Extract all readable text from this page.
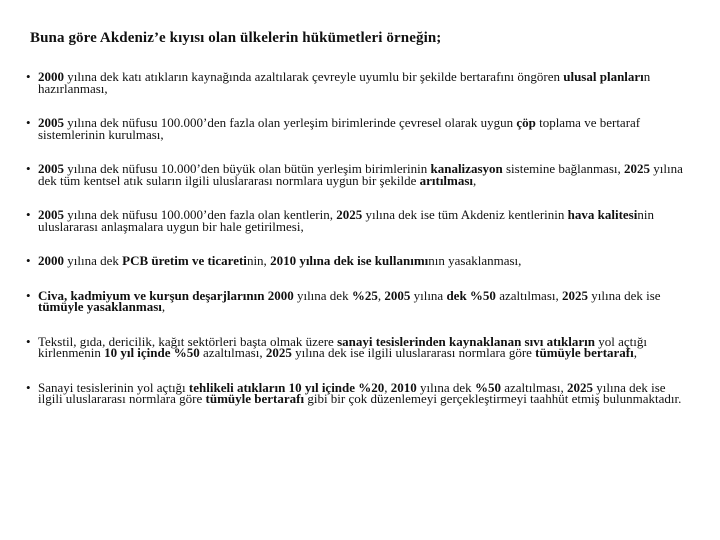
Buna göre Akdeniz’e kıyısı olan ülkelerin hükümetleri örneğin;
• 2000 yılına dek katı atıkların kaynağında azaltılarak çevreyle uyumlu bir şekilde bertarafını öngören ulusal planların hazırlanması,
• 2005 yılına dek nüfusu 100.000’den fazla olan yerleşim birimlerinde çevresel olarak uygun çöp toplama ve bertaraf sistemlerinin kurulması,
• 2005 yılına dek nüfusu 10.000’den büyük olan bütün yerleşim birimlerinin kanalizasyon sistemine bağlanması, 2025 yılına dek tüm kentsel atık suların ilgili uluslararası normlara uygun bir şekilde arıtılması,
• 2005 yılına dek nüfusu 100.000’den fazla olan kentlerin, 2025 yılına dek ise tüm Akdeniz kentlerinin hava kalitesinin uluslararası anlaşmalara uygun bir hale getirilmesi,
• 2000 yılına dek PCB üretim ve ticaretinin, 2010 yılına dek ise kullanımının yasaklanması,
• Civa, kadmiyum ve kurşun deşarjlarının 2000 yılına dek %25, 2005 yılına dek %50 azaltılması, 2025 yılına dek ise tümüyle yasaklanması,
• Tekstil, gıda, dericilik, kağıt sektörleri başta olmak üzere sanayi tesislerinden kaynaklanan sıvı atıkların yol açtığı kirlenmenin 10 yıl içinde %50 azaltılması, 2025 yılına dek ise ilgili uluslararası normlara göre tümüyle bertarafı,
• Sanayi tesislerinin yol açtığı tehlikeli atıkların 10 yıl içinde %20, 2010 yılına dek %50 azaltılması, 2025 yılına dek ise ilgili uluslararası normlara göre tümüyle bertarafı gibi bir çok düzenlemeyi gerçekleştirmeyi taahhüt etmiş bulunmaktadır.
